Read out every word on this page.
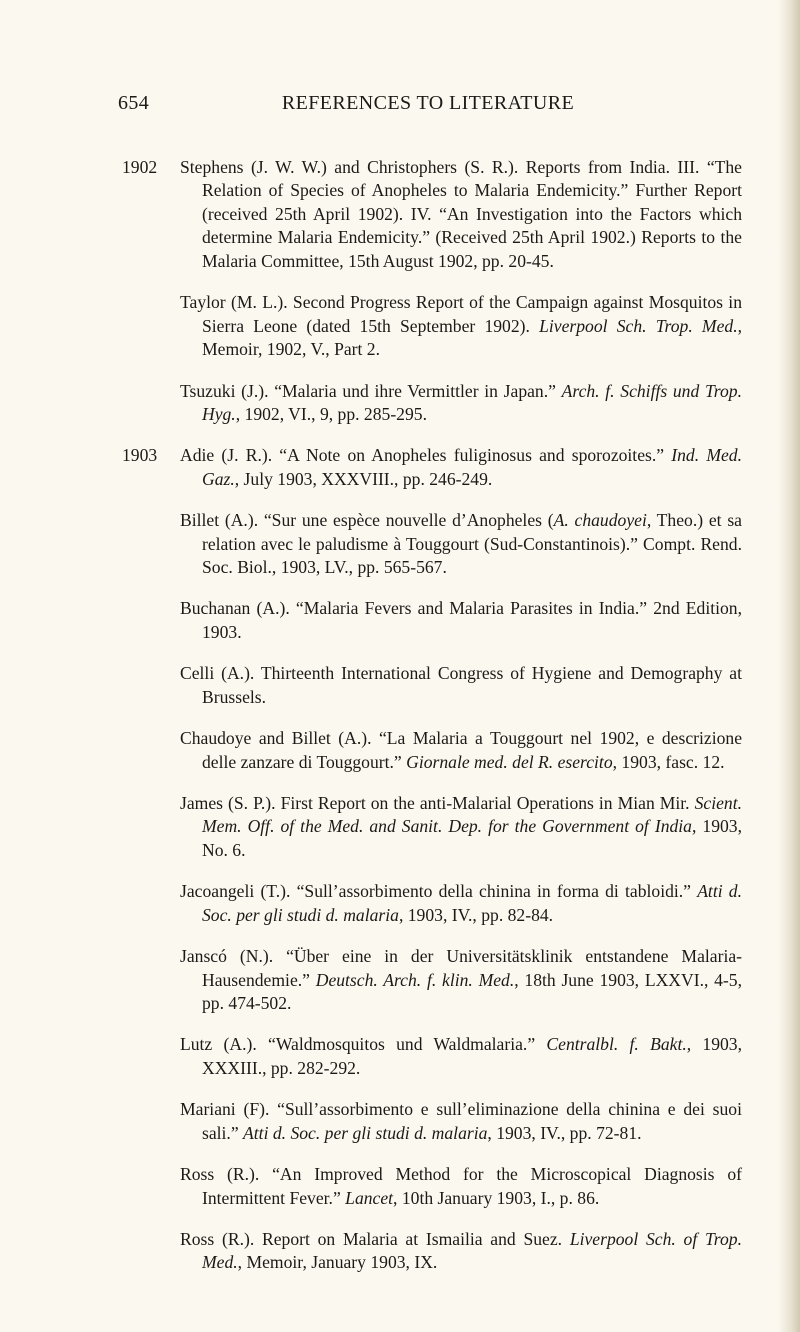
654	REFERENCES TO LITERATURE
1902 Stephens (J. W. W.) and Christophers (S. R.). Reports from India. III. “The Relation of Species of Anopheles to Malaria Endemicity.” Further Report (received 25th April 1902). IV. “An Investigation into the Factors which determine Malaria Endemicity.” (Received 25th April 1902.) Reports to the Malaria Committee, 15th August 1902, pp. 20-45.

Taylor (M. L.). Second Progress Report of the Campaign against Mosquitos in Sierra Leone (dated 15th September 1902). Liverpool Sch. Trop. Med., Memoir, 1902, V., Part 2.

Tsuzuki (J.). “Malaria und ihre Vermittler in Japan.” Arch. f. Schiffs und Trop. Hyg., 1902, VI., 9, pp. 285-295.

1903 Adie (J. R.). “A Note on Anopheles fuliginosus and sporozoites.” Ind. Med. Gaz., July 1903, XXXVIII., pp. 246-249.

Billet (A.). “Sur une espèce nouvelle d’Anopheles (A. chaudoyei, Theo.) et sa relation avec le paludisme à Touggourt (Sud-Constantinois).” Compt. Rend. Soc. Biol., 1903, LV., pp. 565-567.

Buchanan (A.). “Malaria Fevers and Malaria Parasites in India.” 2nd Edition, 1903.

Celli (A.). Thirteenth International Congress of Hygiene and Demography at Brussels.

Chaudoye and Billet (A.). “La Malaria a Touggourt nel 1902, e descrizione delle zanzare di Touggourt.” Giornale med. del R. esercito, 1903, fasc. 12.

James (S. P.). First Report on the anti-Malarial Operations in Mian Mir. Scient. Mem. Off. of the Med. and Sanit. Dep. for the Government of India, 1903, No. 6.

Jacoangeli (T.). “Sull’assorbimento della chinina in forma di tabloidi.” Atti d. Soc. per gli studi d. malaria, 1903, IV., pp. 82-84.

Janscó (N.). “Über eine in der Universitätsklinik entstandene Malaria-Hausendemie.” Deutsch. Arch. f. klin. Med., 18th June 1903, LXXVI., 4-5, pp. 474-502.

Lutz (A.). “Waldmosquitos und Waldmalaria.” Centralbl. f. Bakt., 1903, XXXIII., pp. 282-292.

Mariani (F). “Sull’assorbimento e sull’eliminazione della chinina e dei suoi sali.” Atti d. Soc. per gli studi d. malaria, 1903, IV., pp. 72-81.

Ross (R.). “An Improved Method for the Microscopical Diagnosis of Intermittent Fever.” Lancet, 10th January 1903, I., p. 86.

Ross (R.). Report on Malaria at Ismailia and Suez. Liverpool Sch. of Trop. Med., Memoir, January 1903, IX.
